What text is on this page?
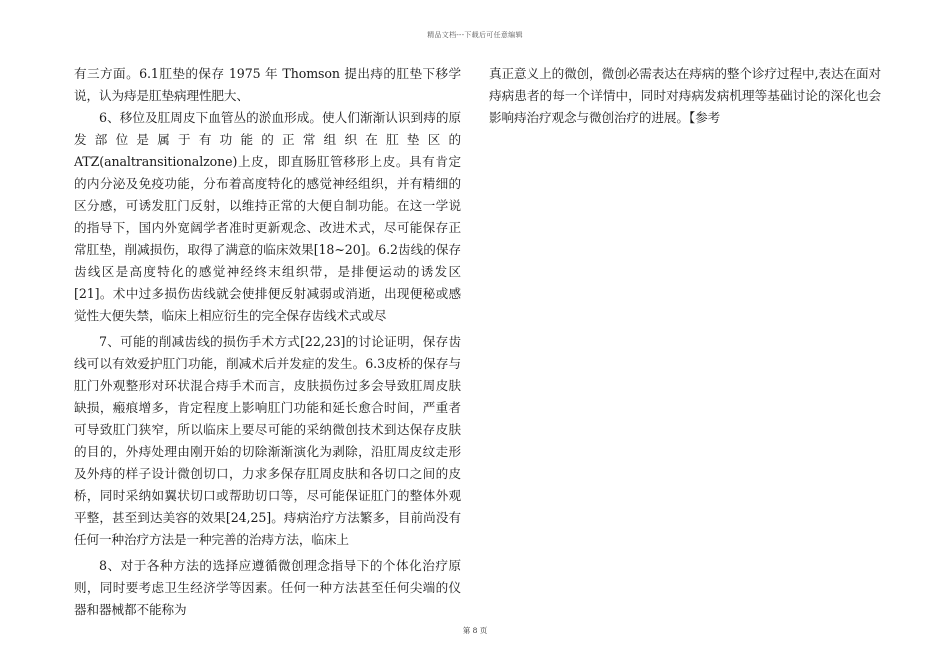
精品文档---下载后可任意编辑

有三方面。6.1肛垫的保存 1975 年 Thomson 提出痔的肛垫下移学说，认为痔是肛垫病理性肥大、

6、移位及肛周皮下血管丛的淤血形成。使人们渐渐认识到痔的原发部位是属于有功能的正常组织在肛垫区的 ATZ(analtransitionalzone)上皮，即直肠肛管移形上皮。具有肯定的内分泌及免疫功能，分布着高度特化的感觉神经组织，并有精细的区分感，可诱发肛门反射，以维持正常的大便自制功能。在这一学说的指导下，国内外宽阔学者准时更新观念、改进术式，尽可能保存正常肛垫，削减损伤，取得了满意的临床效果[18~20]。6.2齿线的保存齿线区是高度特化的感觉神经终末组织带，是排便运动的诱发区[21]。术中过多损伤齿线就会使排便反射减弱或消逝，出现便秘或感觉性大便失禁，临床上相应衍生的完全保存齿线术式或尽

7、可能的削减齿线的损伤手术方式[22,23]的讨论证明，保存齿线可以有效爱护肛门功能，削减术后并发症的发生。6.3皮桥的保存与肛门外观整形对环状混合痔手术而言，皮肤损伤过多会导致肛周皮肤缺损，瘢痕增多，肯定程度上影响肛门功能和延长愈合时间，严重者可导致肛门狭窄，所以临床上要尽可能的采纳微创技术到达保存皮肤的目的，外痔处理由刚开始的切除渐渐演化为剥除，沿肛周皮纹走形及外痔的样子设计微创切口，力求多保存肛周皮肤和各切口之间的皮桥，同时采纳如翼状切口或帮助切口等，尽可能保证肛门的整体外观平整，甚至到达美容的效果[24,25]。痔病治疗方法繁多，目前尚没有任何一种治疗方法是一种完善的治痔方法，临床上

8、对于各种方法的选择应遵循微创理念指导下的个体化治疗原则，同时要考虑卫生经济学等因素。任何一种方法甚至任何尖端的仪器和器械都不能称为

真正意义上的微创，微创必需表达在痔病的整个诊疗过程中,表达在面对痔病患者的每一个详情中，同时对痔病发病机理等基础讨论的深化也会影响痔治疗观念与微创治疗的进展。【参考

第 8 页
